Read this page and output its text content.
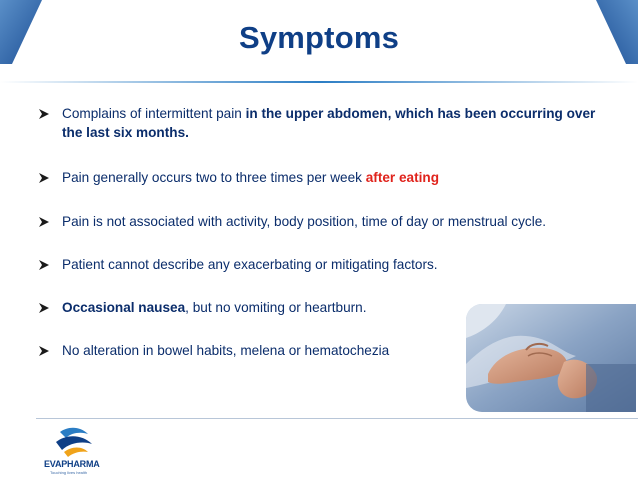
Symptoms
Complains of intermittent pain in the upper abdomen, which has been occurring over the last six months.
Pain generally occurs two to three times per week after eating
Pain is not associated with activity, body position, time of day or menstrual cycle.
Patient cannot describe any exacerbating or mitigating factors.
Occasional nausea, but no vomiting or heartburn.
No alteration in bowel habits, melena or hematochezia
EVAPHARMA
Touching lives health
